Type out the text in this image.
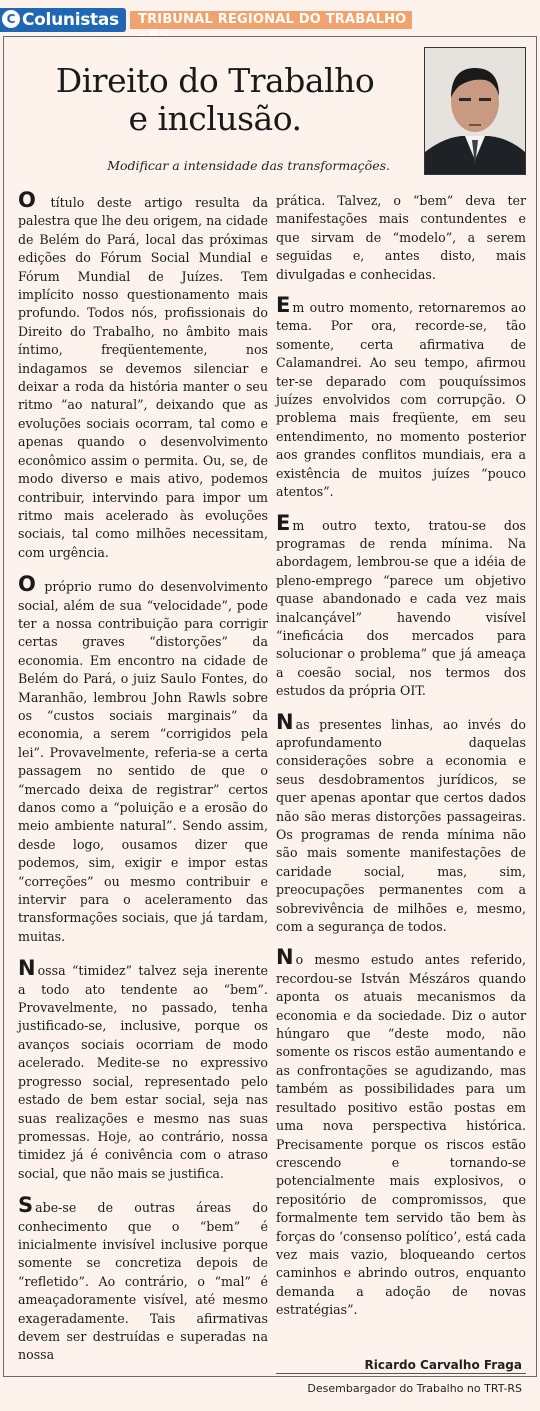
C Colunistas TRIBUNAL REGIONAL DO TRABALHO
Direito do Trabalho
e inclusão.
Modificar a intensidade das transformações.

O título deste artigo resulta da palestra que lhe deu origem, na cidade de Belém do Pará, local das próximas edições do Fórum Social Mundial e Fórum Mundial de Juízes. Tem implícito nosso questionamento mais profundo. Todos nós, profissionais do Direito do Trabalho, no âmbito mais íntimo, freqüentemente, nos indagamos se devemos silenciar e deixar a roda da história manter o seu ritmo “ao natural”, deixando que as evoluções sociais ocorram, tal como e apenas quando o desenvolvimento econômico assim o permita. Ou, se, de modo diverso e mais ativo, podemos contribuir, intervindo para impor um ritmo mais acelerado às evoluções sociais, tal como milhões necessitam, com urgência.

O próprio rumo do desenvolvimento social, além de sua “velocidade”, pode ter a nossa contribuição para corrigir certas graves “distorções” da economia. Em encontro na cidade de Belém do Pará, o juiz Saulo Fontes, do Maranhão, lembrou John Rawls sobre os “custos sociais marginais” da economia, a serem “corrigidos pela lei”. Provavelmente, referia-se a certa passagem no sentido de que o “mercado deixa de registrar” certos danos como a “poluição e a erosão do meio ambiente natural”. Sendo assim, desde logo, ousamos dizer que podemos, sim, exigir e impor estas “correções” ou mesmo contribuir e intervir para o aceleramento das transformações sociais, que já tardam, muitas.

Nossa “timidez” talvez seja inerente a todo ato tendente ao “bem”. Provavelmente, no passado, tenha justificado-se, inclusive, porque os avanços sociais ocorriam de modo acelerado. Medite-se no expressivo progresso social, representado pelo estado de bem estar social, seja nas suas realizações e mesmo nas suas promessas. Hoje, ao contrário, nossa timidez já é conivência com o atraso social, que não mais se justifica.

Sabe-se de outras áreas do conhecimento que o “bem” é inicialmente invisível inclusive porque somente se concretiza depois de “refletido”. Ao contrário, o “mal” é ameaçadoramente visível, até mesmo exageradamente. Tais afirmativas devem ser destruídas e superadas na nossa

prática. Talvez, o “bem” deva ter manifestações mais contundentes e que sirvam de “modelo”, a serem seguidas e, antes disto, mais divulgadas e conhecidas.

Em outro momento, retornaremos ao tema. Por ora, recorde-se, tão somente, certa afirmativa de Calamandrei. Ao seu tempo, afirmou ter-se deparado com pouquíssimos juízes envolvidos com corrupção. O problema mais freqüente, em seu entendimento, no momento posterior aos grandes conflitos mundiais, era a existência de muitos juízes “pouco atentos”.

Em outro texto, tratou-se dos programas de renda mínima. Na abordagem, lembrou-se que a idéia de pleno-emprego “parece um objetivo quase abandonado e cada vez mais inalcançável” havendo visível “ineficácia dos mercados para solucionar o problema” que já ameaça a coesão social, nos termos dos estudos da própria OIT.

Nas presentes linhas, ao invés do aprofundamento daquelas considerações sobre a economia e seus desdobramentos jurídicos, se quer apenas apontar que certos dados não são meras distorções passageiras. Os programas de renda mínima não são mais somente manifestações de caridade social, mas, sim, preocupações permanentes com a sobrevivência de milhões e, mesmo, com a segurança de todos.

No mesmo estudo antes referido, recordou-se István Mészáros quando aponta os atuais mecanismos da economia e da sociedade. Diz o autor húngaro que “deste modo, não somente os riscos estão aumentando e as confrontações se agudizando, mas também as possibilidades para um resultado positivo estão postas em uma nova perspectiva histórica. Precisamente porque os riscos estão crescendo e tornando-se potencialmente mais explosivos, o repositório de compromissos, que formalmente tem servido tão bem às forças do ‘consenso político’, está cada vez mais vazio, bloqueando certos caminhos e abrindo outros, enquanto demanda a adoção de novas estratégias”.

Ricardo Carvalho Fraga
Desembargador do Trabalho no TRT-RS
